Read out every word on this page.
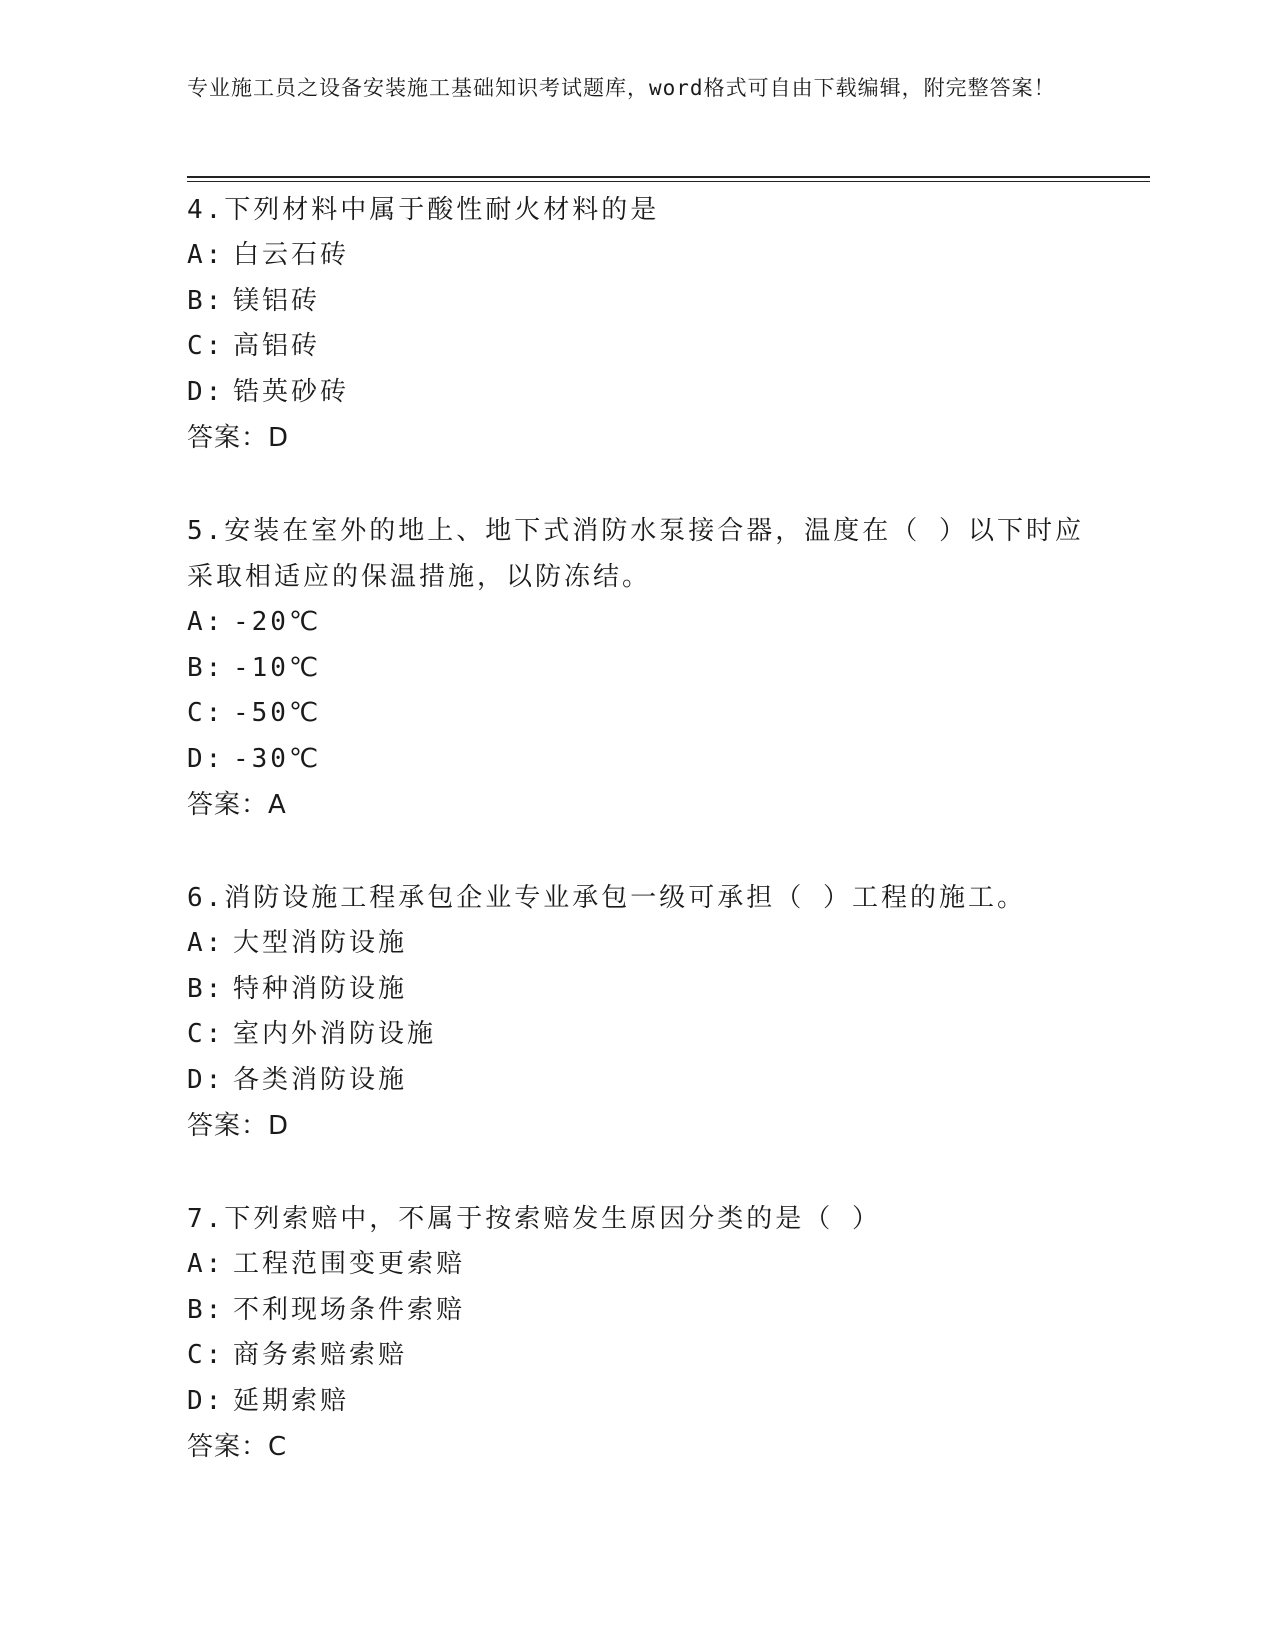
专业施工员之设备安装施工基础知识考试题库，word格式可自由下载编辑，附完整答案！

4.下列材料中属于酸性耐火材料的是

A: 白云石砖
B: 镁铝砖
C: 高铝砖
D: 锆英砂砖
答案：D

5.安装在室外的地上、地下式消防水泵接合器，温度在（ ）以下时应采取相适应的保温措施，以防冻结。

A: -20℃
B: -10℃
C: -50℃
D: -30℃
答案：A

6.消防设施工程承包企业专业承包一级可承担（ ）工程的施工。

A: 大型消防设施
B: 特种消防设施
C: 室内外消防设施
D: 各类消防设施
答案：D

7.下列索赔中，不属于按索赔发生原因分类的是（ ）

A: 工程范围变更索赔
B: 不利现场条件索赔
C: 商务索赔索赔
D: 延期索赔
答案：C
